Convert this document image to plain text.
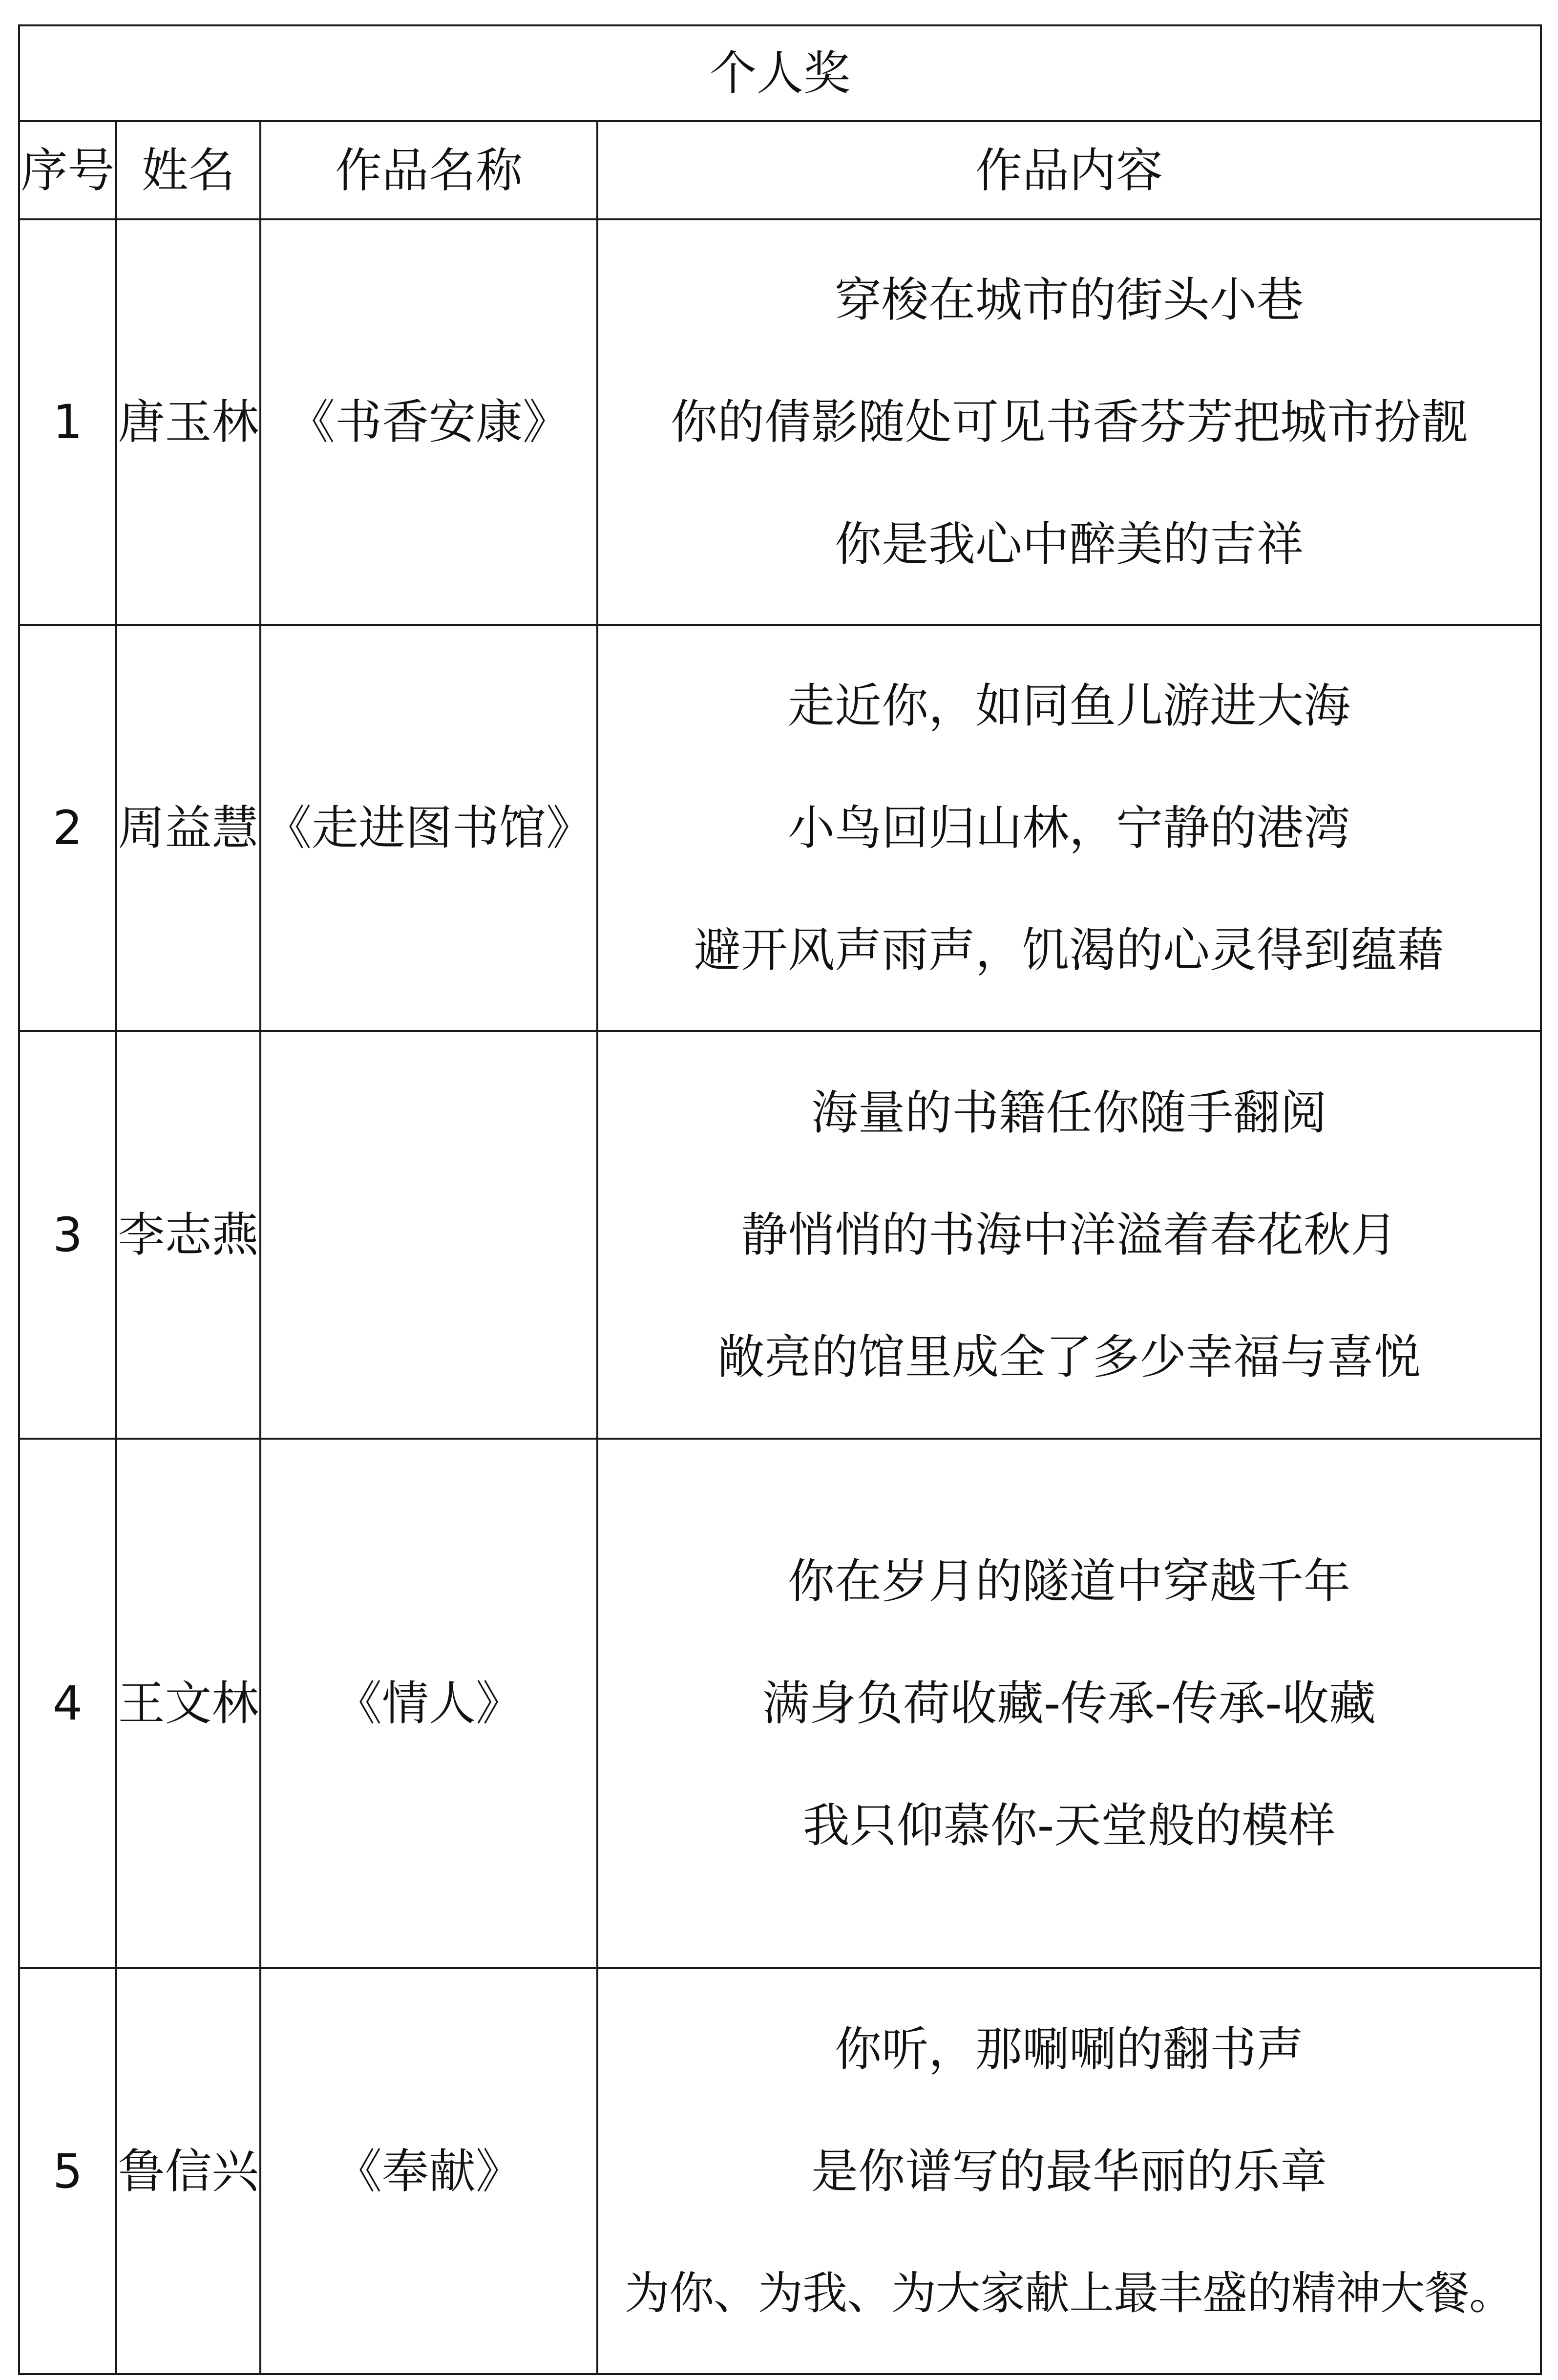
个人奖			
序号	姓名	作品名称	作品内容
1	唐玉林	《书香安康》	穿梭在城市的街头小巷
你的倩影随处可见书香芬芳把城市扮靓
你是我心中醉美的吉祥

2	周益慧	《走进图书馆》	走近你，如同鱼儿游进大海
小鸟回归山林，宁静的港湾
避开风声雨声，饥渴的心灵得到蕴藉

3	李志燕		海量的书籍任你随手翻阅
静悄悄的书海中洋溢着春花秋月
敞亮的馆里成全了多少幸福与喜悦

4	王文林	《情人》	你在岁月的隧道中穿越千年
满身负荷收藏-传承-传承-收藏
我只仰慕你-天堂般的模样

5	鲁信兴	《奉献》	你听，那唰唰的翻书声
是你谱写的最华丽的乐章
为你、为我、为大家献上最丰盛的精神大餐。
